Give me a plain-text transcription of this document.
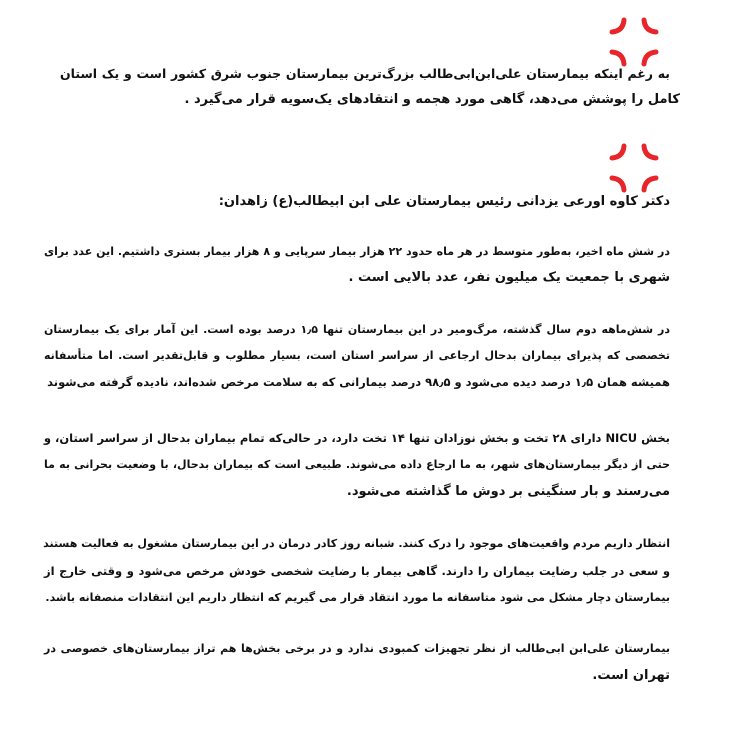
به رغم اینکه بیمارستان علی‌ابن‌ابی‌طالب بزرگ‌ترین بیمارستان جنوب شرق کشور است و یک استان
کامل را پوشش می‌دهد، گاهی مورد هجمه و انتقادهای یک‌سویه قرار می‌گیرد .
دکتر کاوه اورعی یزدانی رئیس بیمارستان علی ابن ابیطالب(ع) زاهدان:
در شش ماه اخیر، به‌طور متوسط در هر ماه حدود ۲۲ هزار بیمار سرپایی و ۸ هزار بیمار بستری داشتیم. این عدد برای
شهری با جمعیت یک میلیون نفر، عدد بالایی است .
در شش‌ماهه دوم سال گذشته، مرگ‌ومیر در این بیمارستان تنها ۱٫۵ درصد بوده است. این آمار برای یک بیمارستان
تخصصی که پذیرای بیماران بدحال ارجاعی از سراسر استان است، بسیار مطلوب و قابل‌تقدیر است. اما متأسفانه
همیشه همان ۱٫۵ درصد دیده می‌شود و ۹۸٫۵ درصد بیمارانی که به سلامت مرخص شده‌اند، نادیده گرفته می‌شوند
بخش NICU دارای ۲۸ تخت و بخش نوزادان تنها ۱۴ تخت دارد، در حالی‌که تمام بیماران بدحال از سراسر استان، و
حتی از دیگر بیمارستان‌های شهر، به ما ارجاع داده می‌شوند. طبیعی است که بیماران بدحال، با وضعیت بحرانی به ما
می‌رسند و بار سنگینی بر دوش ما گذاشته می‌شود.
انتظار داریم مردم واقعیت‌های موجود را درک کنند. شبانه روز کادر درمان در این بیمارستان مشغول به فعالیت هستند
و سعی در جلب رضایت بیماران را دارند. گاهی بیمار با رضایت شخصی خودش مرخص می‌شود و وقتی خارج از
بیمارستان دچار مشکل می شود متاسفانه ما مورد انتقاد قرار می گیریم که انتظار داریم این انتقادات منصفانه باشد.
بیمارستان علی‌ابن ابی‌طالب از نظر تجهیزات کمبودی ندارد و در برخی بخش‌ها هم تراز بیمارستان‌های خصوصی در
تهران است.
